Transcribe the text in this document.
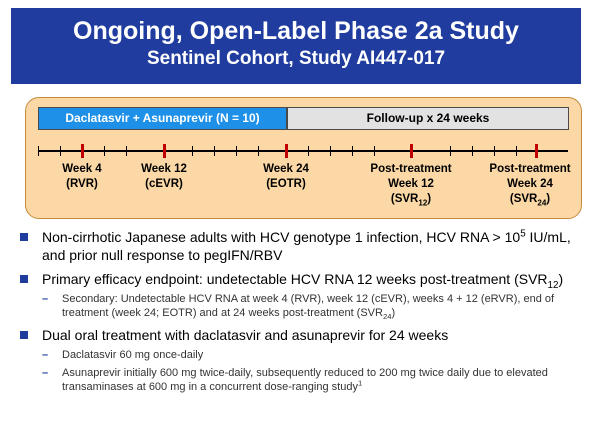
Ongoing, Open-Label Phase 2a Study
Sentinel Cohort, Study AI447-017
Daclatasvir + Asunaprevir (N = 10)	Follow-up x 24 weeks
Week 4
(RVR)
Week 12
(cEVR)
Week 24
(EOTR)
Post-treatment
Week 12
$(SVR_{12})$
Post-treatment
Week 24
$(SVR_{24})$
Non-cirrhotic Japanese adults with HCV genotype 1 infection, HCV RNA > $10^5$ IU/mL, and prior null response to pegIFN/RBV
Primary efficacy endpoint: undetectable HCV RNA 12 weeks post-treatment $(SVR_{12})$
– Secondary: Undetectable HCV RNA at week 4 (RVR), week 12 (cEVR), weeks 4 + 12 (eRVR), end of treatment (week 24; EOTR) and at 24 weeks post-treatment $(SVR_{24})$
Dual oral treatment with daclatasvir and asunaprevir for 24 weeks
– Daclatasvir 60 mg once-daily
– Asunaprevir initially 600 mg twice-daily, subsequently reduced to 200 mg twice daily due to elevated transaminases at 600 mg in a concurrent dose-ranging study$^1$
